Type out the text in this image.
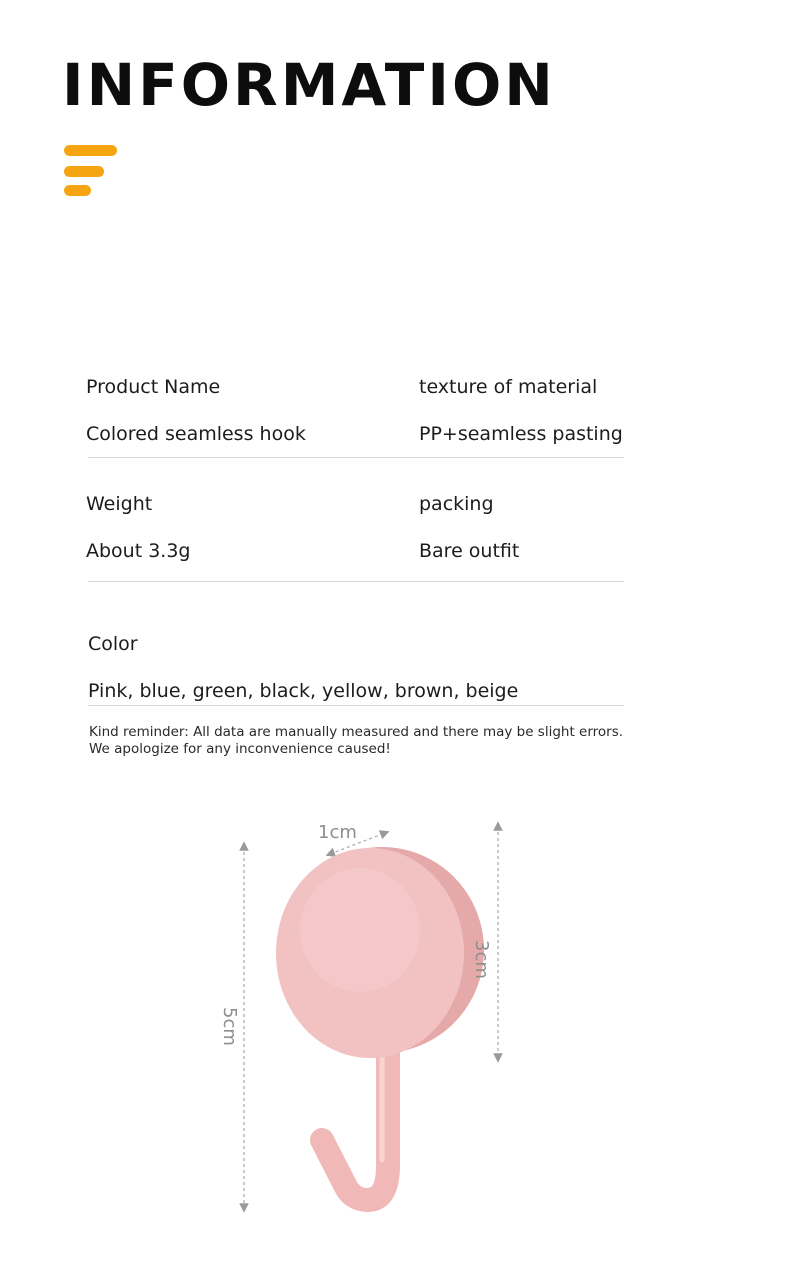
INFORMATION
Product Name	texture of material
Colored seamless hook	PP+seamless pasting
Weight	packing
About 3.3g	Bare outfit
Color
Pink, blue, green, black, yellow, brown, beige
Kind reminder: All data are manually measured and there may be slight errors.
We apologize for any inconvenience caused!
1cm
3cm
5cm
